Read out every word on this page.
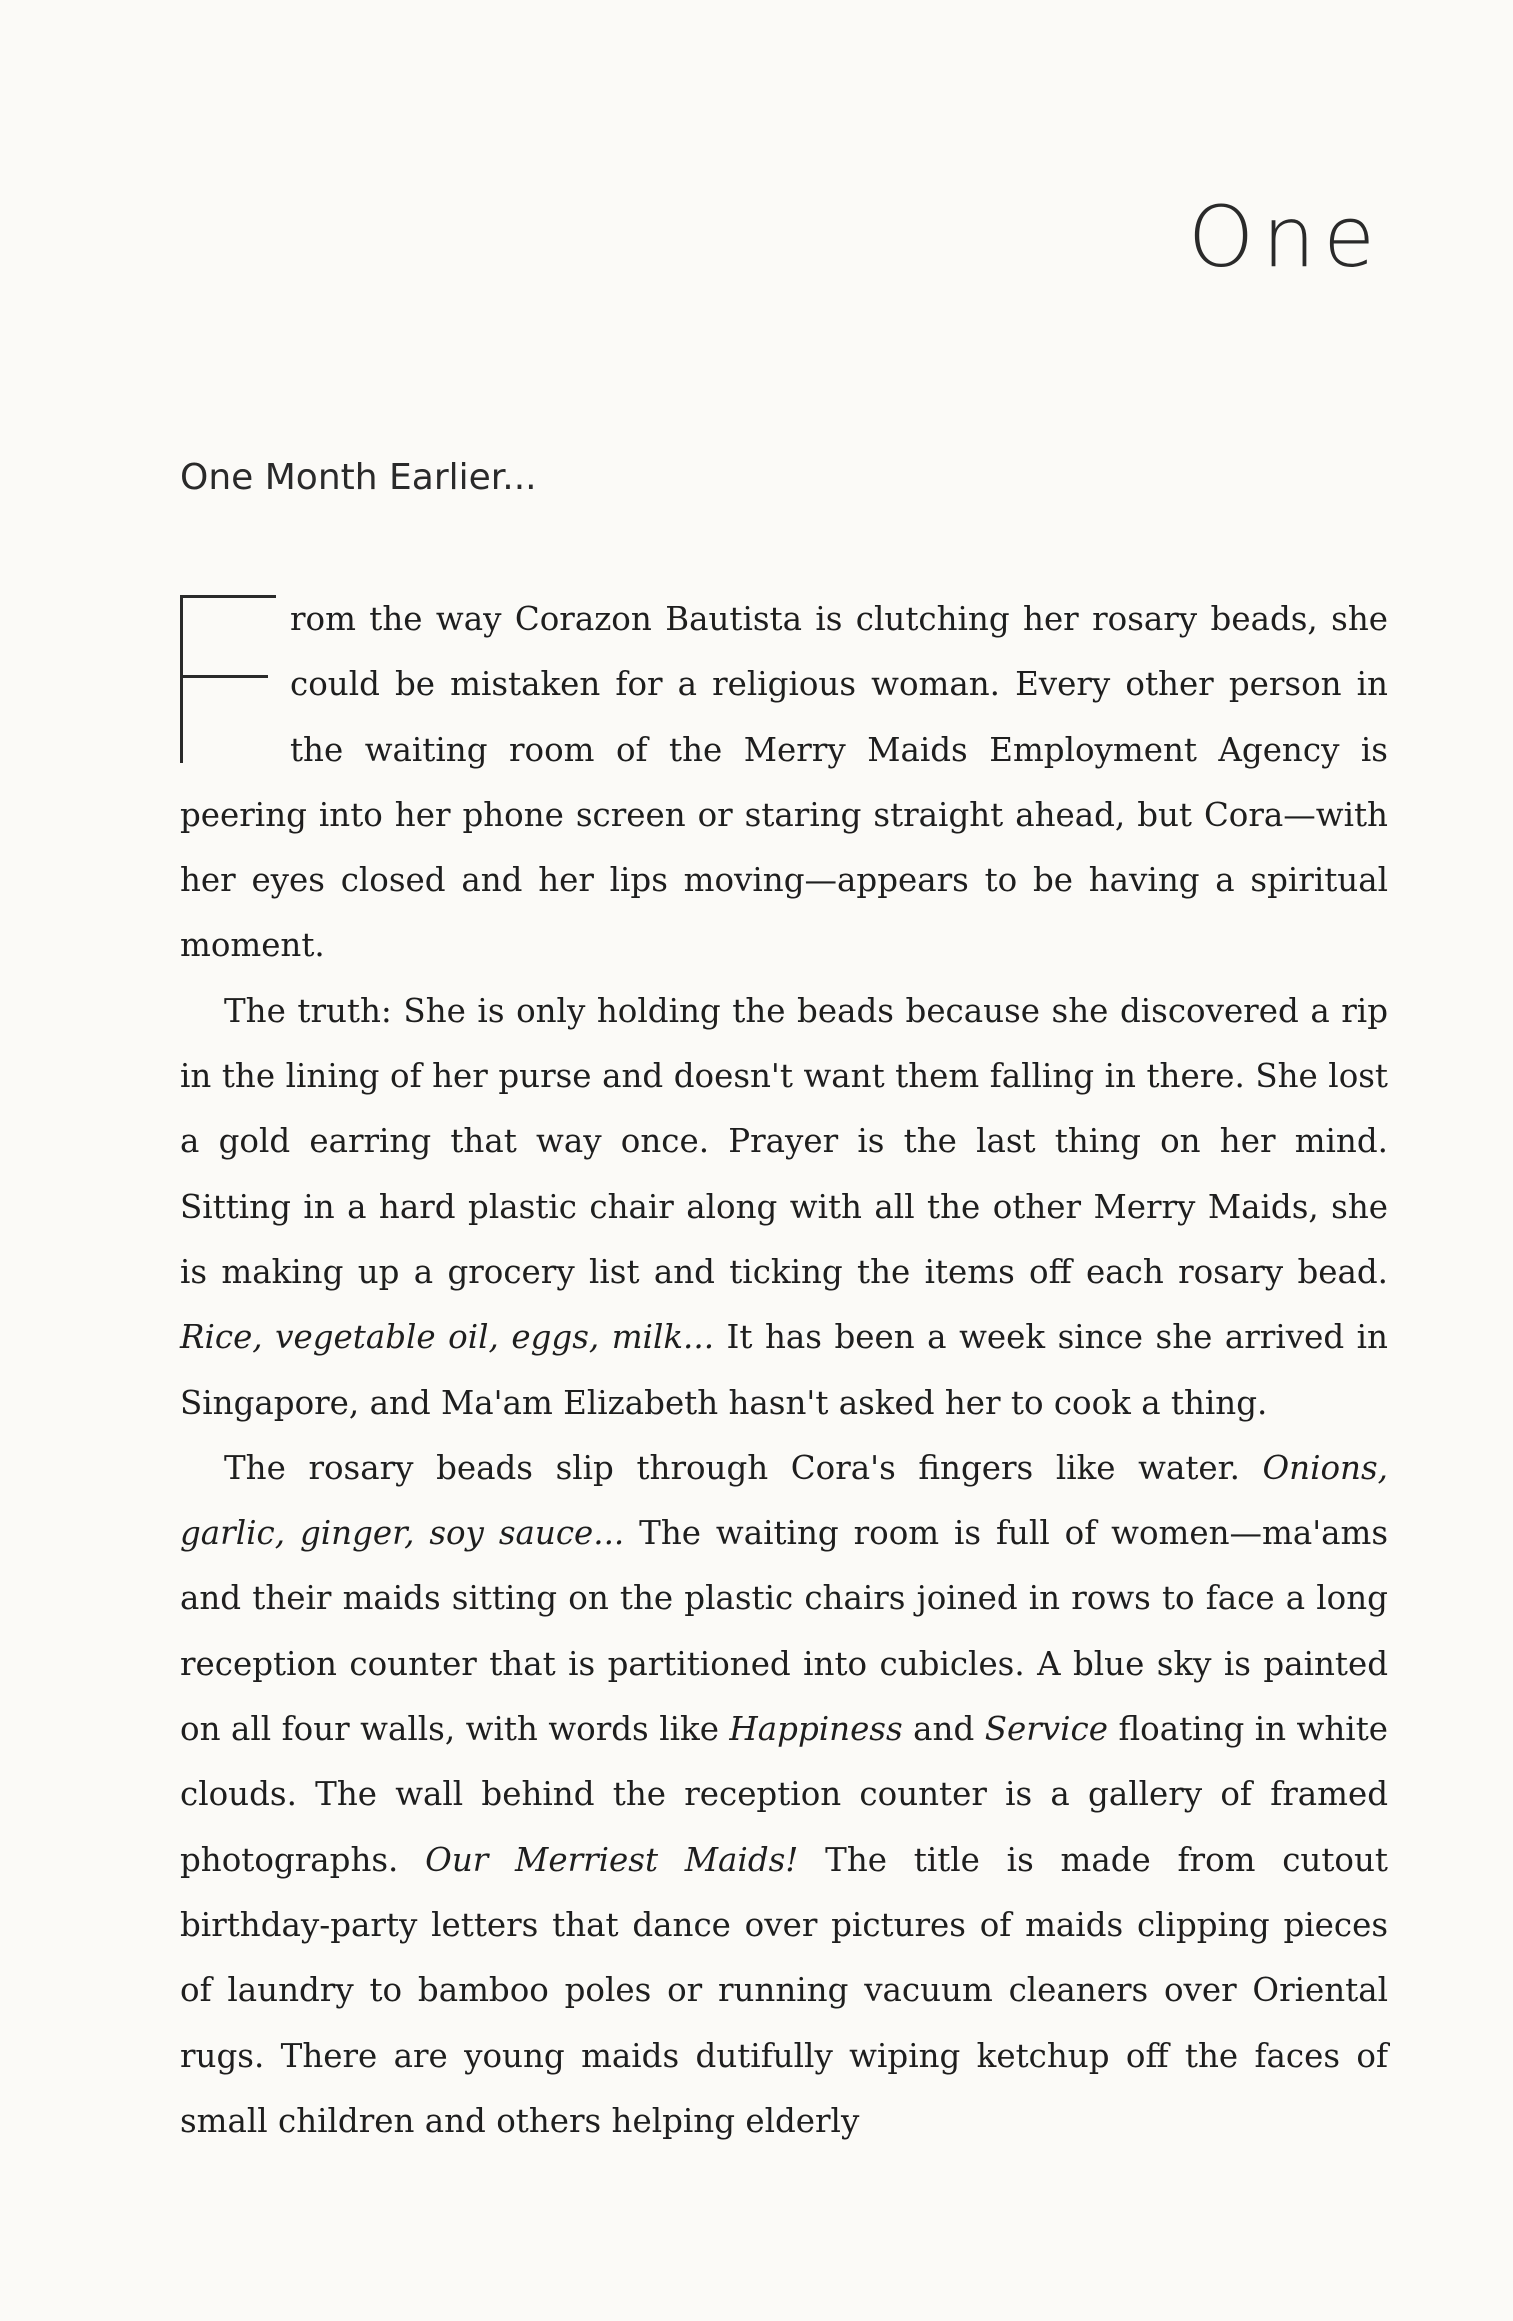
One
One Month Earlier...

rom the way Corazon Bautista is clutching her rosary beads, she could be mistaken for a religious woman. Every other person in the waiting room of the Merry Maids Employment Agency is peering into her phone screen or staring straight ahead, but Cora—with her eyes closed and her lips moving—appears to be having a spiritual moment.

The truth: She is only holding the beads because she discovered a rip in the lining of her purse and doesn't want them falling in there. She lost a gold earring that way once. Prayer is the last thing on her mind. Sitting in a hard plastic chair along with all the other Merry Maids, she is making up a grocery list and ticking the items off each rosary bead. Rice, vegetable oil, eggs, milk... It has been a week since she arrived in Singapore, and Ma'am Elizabeth hasn't asked her to cook a thing.

The rosary beads slip through Cora's fingers like water. Onions, garlic, ginger, soy sauce... The waiting room is full of women—ma'ams and their maids sitting on the plastic chairs joined in rows to face a long reception counter that is partitioned into cubicles. A blue sky is painted on all four walls, with words like Happiness and Service floating in white clouds. The wall behind the reception counter is a gallery of framed photographs. Our Merriest Maids! The title is made from cutout birthday-party letters that dance over pictures of maids clipping pieces of laundry to bamboo poles or running vacuum cleaners over Oriental rugs. There are young maids dutifully wiping ketchup off the faces of small children and others helping elderly
